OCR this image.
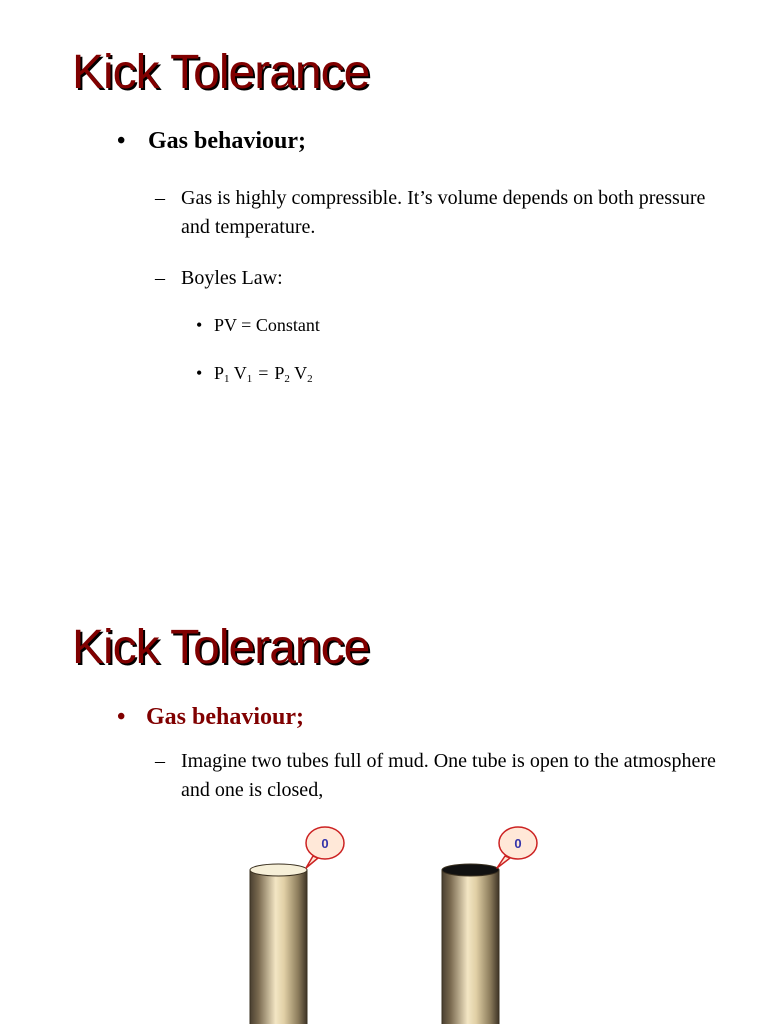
Kick Tolerance
• Gas behaviour;
– Gas is highly compressible. It’s volume depends on both pressure and temperature.
– Boyles Law:
• PV = Constant
• $P_1$ $V_1 = P_2$ $V_2$
Kick Tolerance
• Gas behaviour;
– Imagine two tubes full of mud. One tube is open to the atmosphere and one is closed,
0	0
